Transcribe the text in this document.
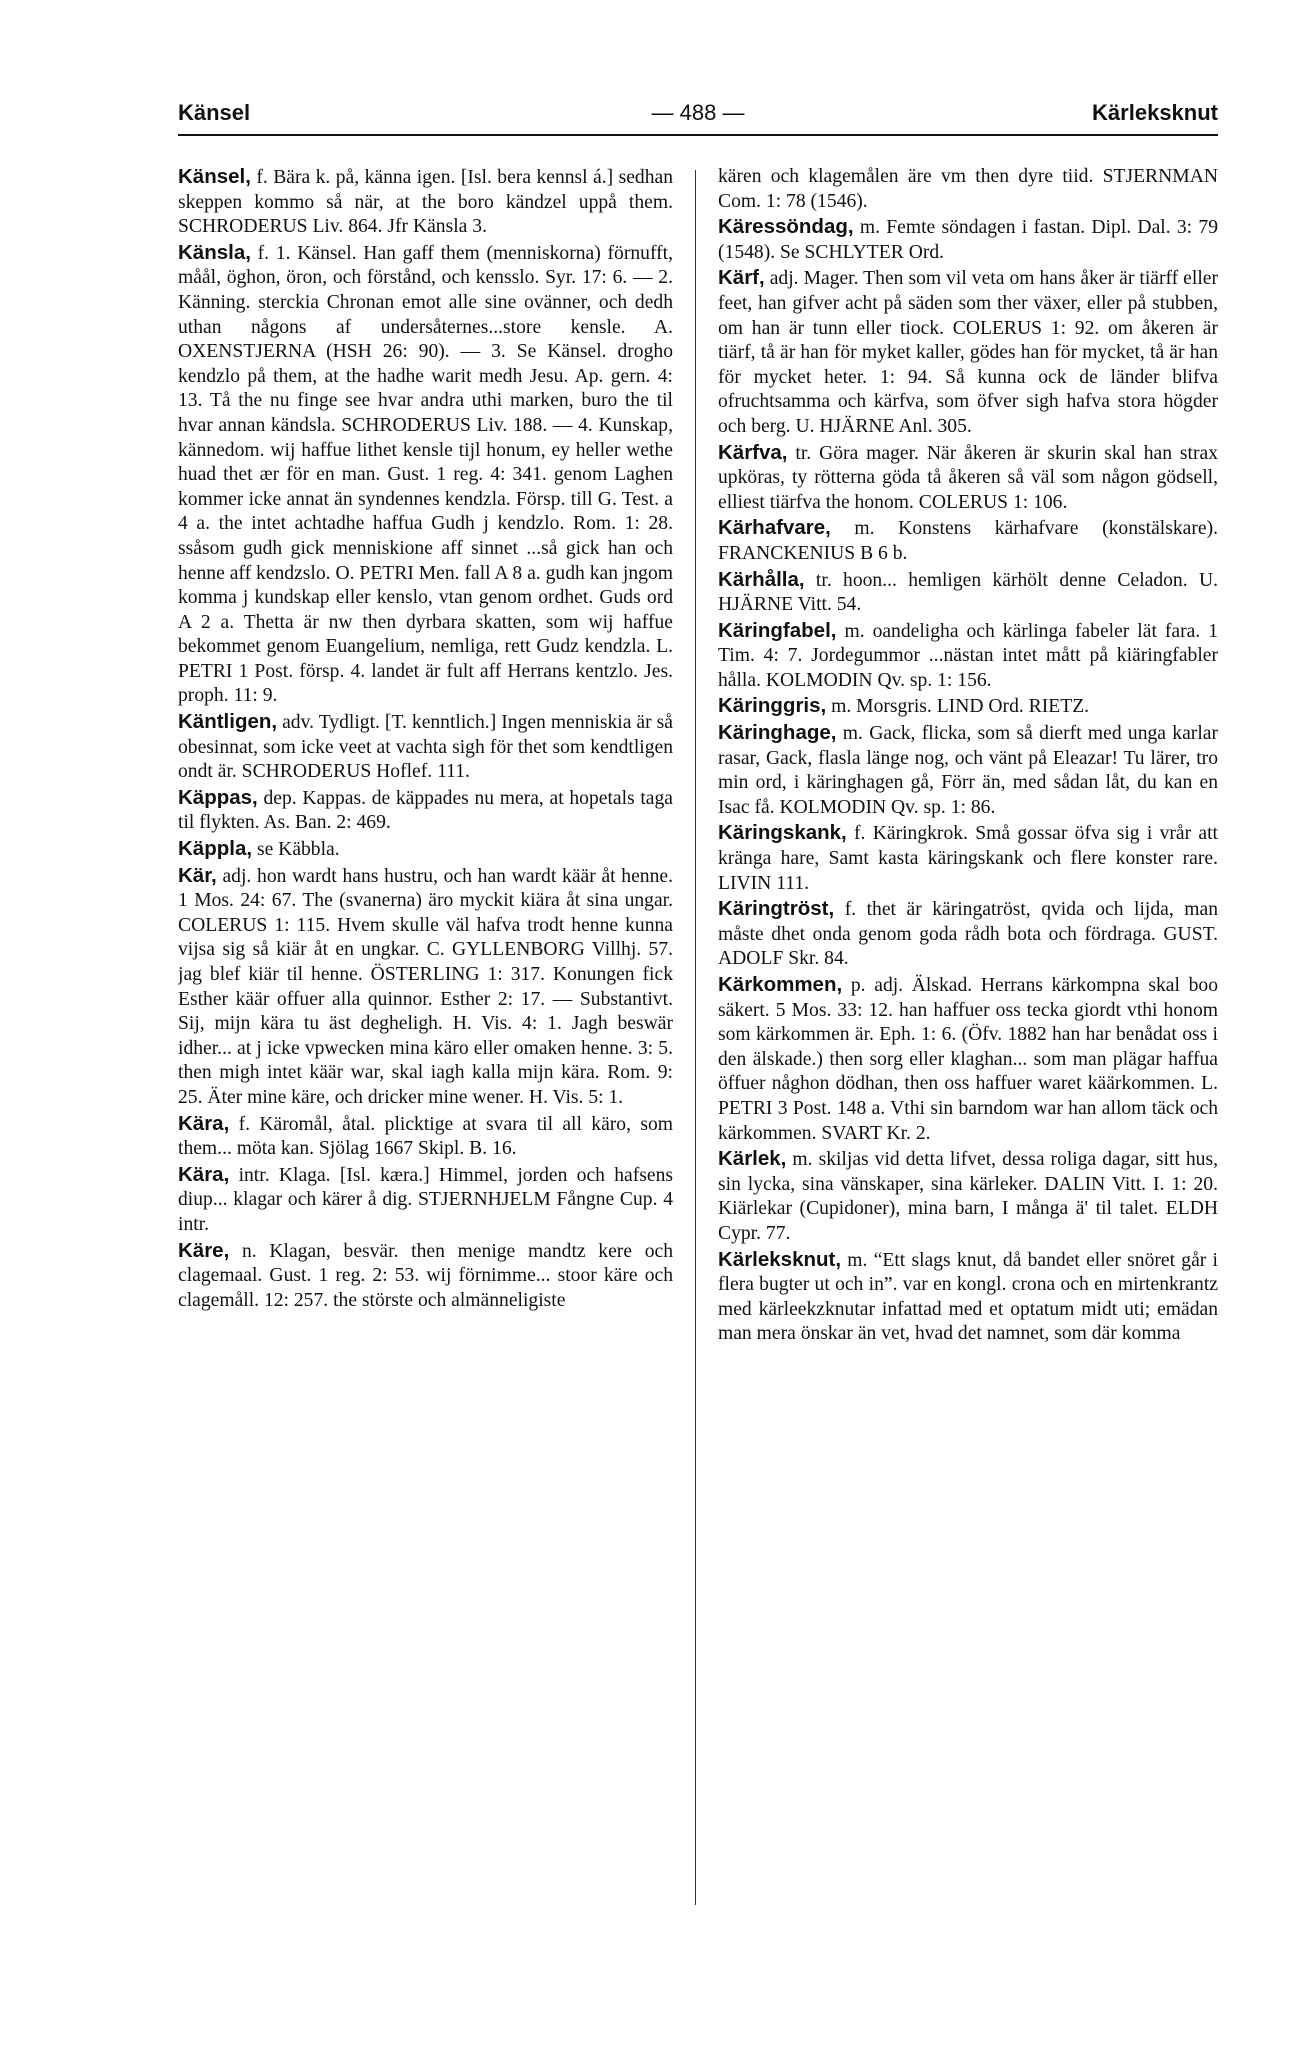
Känsel	— 488 —	Kärleksknut

Känsel, f. Bära k. på, känna igen. [Isl. bera kennsl á.] sedhan skeppen kommo så när, at the boro kändzel uppå them. SCHRODERUS Liv. 864. Jfr Känsla 3.

Känsla, f. 1. Känsel. Han gaff them (menniskorna) förnufft, måål, öghon, öron, och förstånd, och kensslo. Syr. 17: 6. — 2. Känning. sterckia Chronan emot alle sine ovänner, och dedh uthan någons af undersåternes...store kensle. A. OXENSTJERNA (HSH 26: 90). — 3. Se Känsel. drogho kendzlo på them, at the hadhe warit medh Jesu. Ap. gern. 4: 13. Tå the nu finge see hvar andra uthi marken, buro the til hvar annan kändsla. SCHRODERUS Liv. 188. — 4. Kunskap, kännedom. wij haffue lithet kensle tijl honum, ey heller wethe huad thet ær för en man. Gust. 1 reg. 4: 341. genom Laghen kommer icke annat än syndennes kendzla. Försp. till G. Test. a 4 a. the intet achtadhe haffua Gudh j kendzlo. Rom. 1: 28. ssåsom gudh gick menniskione aff sinnet ...så gick han och henne aff kendzslo. O. PETRI Men. fall A 8 a. gudh kan jngom komma j kundskap eller kenslo, vtan genom ordhet. Guds ord A 2 a. Thetta är nw then dyrbara skatten, som wij haffue bekommet genom Euangelium, nemliga, rett Gudz kendzla. L. PETRI 1 Post. försp. 4. landet är fult aff Herrans kentzlo. Jes. proph. 11: 9.

Käntligen, adv. Tydligt. [T. kenntlich.] Ingen menniskia är så obesinnat, som icke veet at vachta sigh för thet som kendtligen ondt är. SCHRODERUS Hoflef. 111.

Käppas, dep. Kappas. de käppades nu mera, at hopetals taga til flykten. As. Ban. 2: 469.

Käppla, se Käbbla.

Kär, adj. hon wardt hans hustru, och han wardt käär åt henne. 1 Mos. 24: 67. The (svanerna) äro myckit kiära åt sina ungar. COLERUS 1: 115. Hvem skulle väl hafva trodt henne kunna vijsa sig så kiär åt en ungkar. C. GYLLENBORG Villhj. 57. jag blef kiär til henne. ÖSTERLING 1: 317. Konungen fick Esther käär offuer alla quinnor. Esther 2: 17. — Substantivt. Sij, mijn kära tu äst degheligh. H. Vis. 4: 1. Jagh beswär idher... at j icke vpwecken mina käro eller omaken henne. 3: 5. then migh intet käär war, skal iagh kalla mijn kära. Rom. 9: 25. Äter mine käre, och dricker mine wener. H. Vis. 5: 1.

Kära, f. Käromål, åtal. plicktige at svara til all käro, som them... möta kan. Sjölag 1667 Skipl. B. 16.

Kära, intr. Klaga. [Isl. kæra.] Himmel, jorden och hafsens diup... klagar och kärer å dig. STJERNHJELM Fångne Cup. 4 intr.

Käre, n. Klagan, besvär. then menige mandtz kere och clagemaal. Gust. 1 reg. 2: 53. wij förnimme... stoor käre och clagemåll. 12: 257. the störste och almänneligiste

kären och klagemålen äre vm then dyre tiid. STJERNMAN Com. 1: 78 (1546).

Käressöndag, m. Femte söndagen i fastan. Dipl. Dal. 3: 79 (1548). Se SCHLYTER Ord.

Kärf, adj. Mager. Then som vil veta om hans åker är tiärff eller feet, han gifver acht på säden som ther växer, eller på stubben, om han är tunn eller tiock. COLERUS 1: 92. om åkeren är tiärf, tå är han för myket kaller, gödes han för mycket, tå är han för mycket heter. 1: 94. Så kunna ock de länder blifva ofruchtsamma och kärfva, som öfver sigh hafva stora högder och berg. U. HJÄRNE Anl. 305.

Kärfva, tr. Göra mager. När åkeren är skurin skal han strax upköras, ty rötterna göda tå åkeren så väl som någon gödsell, elliest tiärfva the honom. COLERUS 1: 106.

Kärhafvare, m. Konstens kärhafvare (konstälskare). FRANCKENIUS B 6 b.

Kärhålla, tr. hoon... hemligen kärhölt denne Celadon. U. HJÄRNE Vitt. 54.

Käringfabel, m. oandeligha och kärlinga fabeler lät fara. 1 Tim. 4: 7. Jordegummor ...nästan intet mått på kiäringfabler hålla. KOLMODIN Qv. sp. 1: 156.

Käringgris, m. Morsgris. LIND Ord. RIETZ.

Käringhage, m. Gack, flicka, som så dierft med unga karlar rasar, Gack, flasla länge nog, och vänt på Eleazar! Tu lärer, tro min ord, i käringhagen gå, Förr än, med sådan låt, du kan en Isac få. KOLMODIN Qv. sp. 1: 86.

Käringskank, f. Käringkrok. Små gossar öfva sig i vrår att kränga hare, Samt kasta käringskank och flere konster rare. LIVIN 111.

Käringtröst, f. thet är käringatröst, qvida och lijda, man måste dhet onda genom goda rådh bota och fördraga. GUST. ADOLF Skr. 84.

Kärkommen, p. adj. Älskad. Herrans kärkompna skal boo säkert. 5 Mos. 33: 12. han haffuer oss tecka giordt vthi honom som kärkommen är. Eph. 1: 6. (Öfv. 1882 han har benådat oss i den älskade.) then sorg eller klaghan... som man plägar haffua öffuer någhon dödhan, then oss haffuer waret käärkommen. L. PETRI 3 Post. 148 a. Vthi sin barndom war han allom täck och kärkommen. SVART Kr. 2.

Kärlek, m. skiljas vid detta lifvet, dessa roliga dagar, sitt hus, sin lycka, sina vänskaper, sina kärleker. DALIN Vitt. I. 1: 20. Kiärlekar (Cupidoner), mina barn, I många ä' til talet. ELDH Cypr. 77.

Kärleksknut, m. “Ett slags knut, då bandet eller snöret går i flera bugter ut och in”. var en kongl. crona och en mirtenkrantz med kärleekzknutar infattad med et optatum midt uti; emädan man mera önskar än vet, hvad det namnet, som där komma
